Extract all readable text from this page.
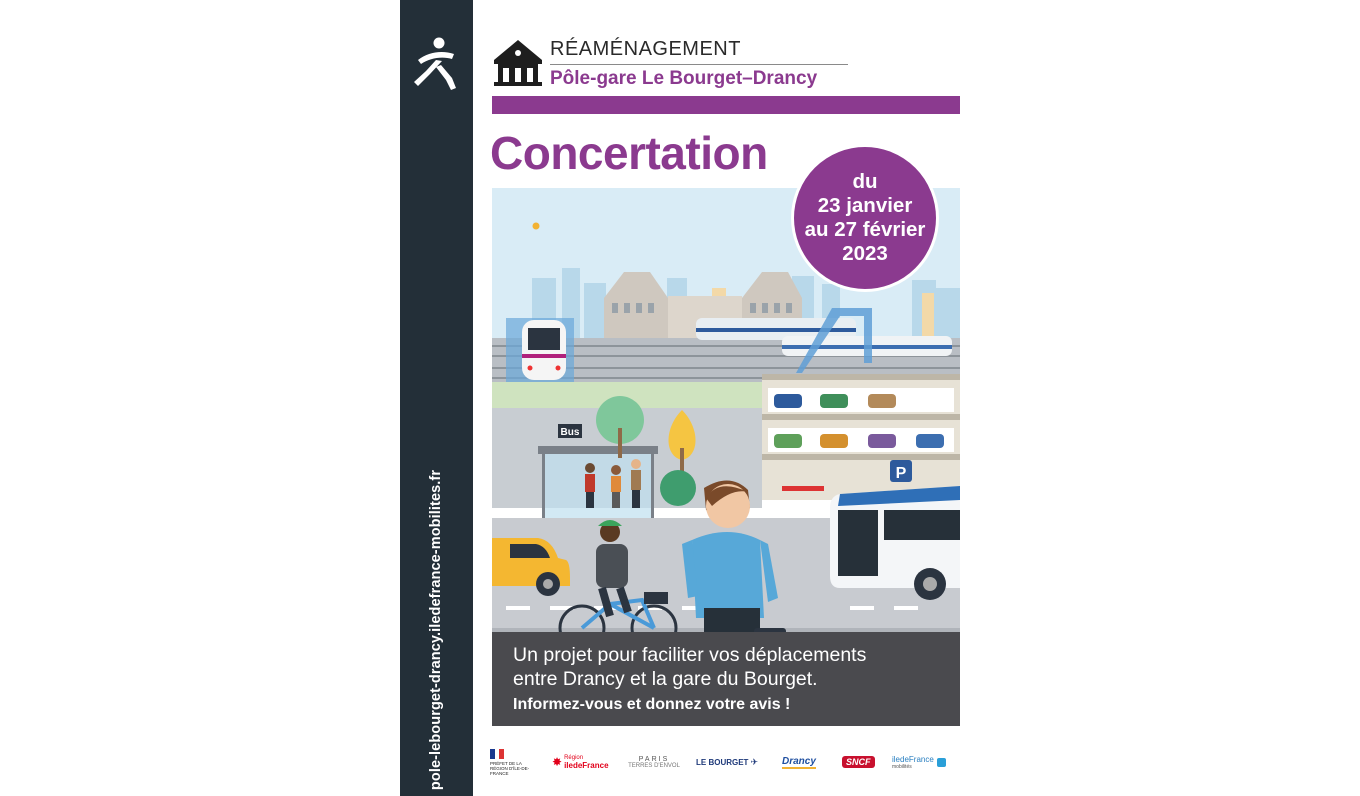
pole-lebourget-drancy.iledefrance-mobilites.fr
RÉAMÉNAGEMENT
Pôle-gare Le Bourget–Drancy
Concertation
P
Bus
du
23 janvier
au 27 février
2023
Un projet pour faciliter vos déplacements
entre Drancy et la gare du Bourget.
Informez-vous et donnez votre avis !
PRÉFET DE LA RÉGION D'ÎLE-DE-FRANCE
✸ Région
iledeFrance
PARIS
TERRES D'ENVOL LE BOURGET ✈ Drancy	SNCF	iledeFrance
mobilités
